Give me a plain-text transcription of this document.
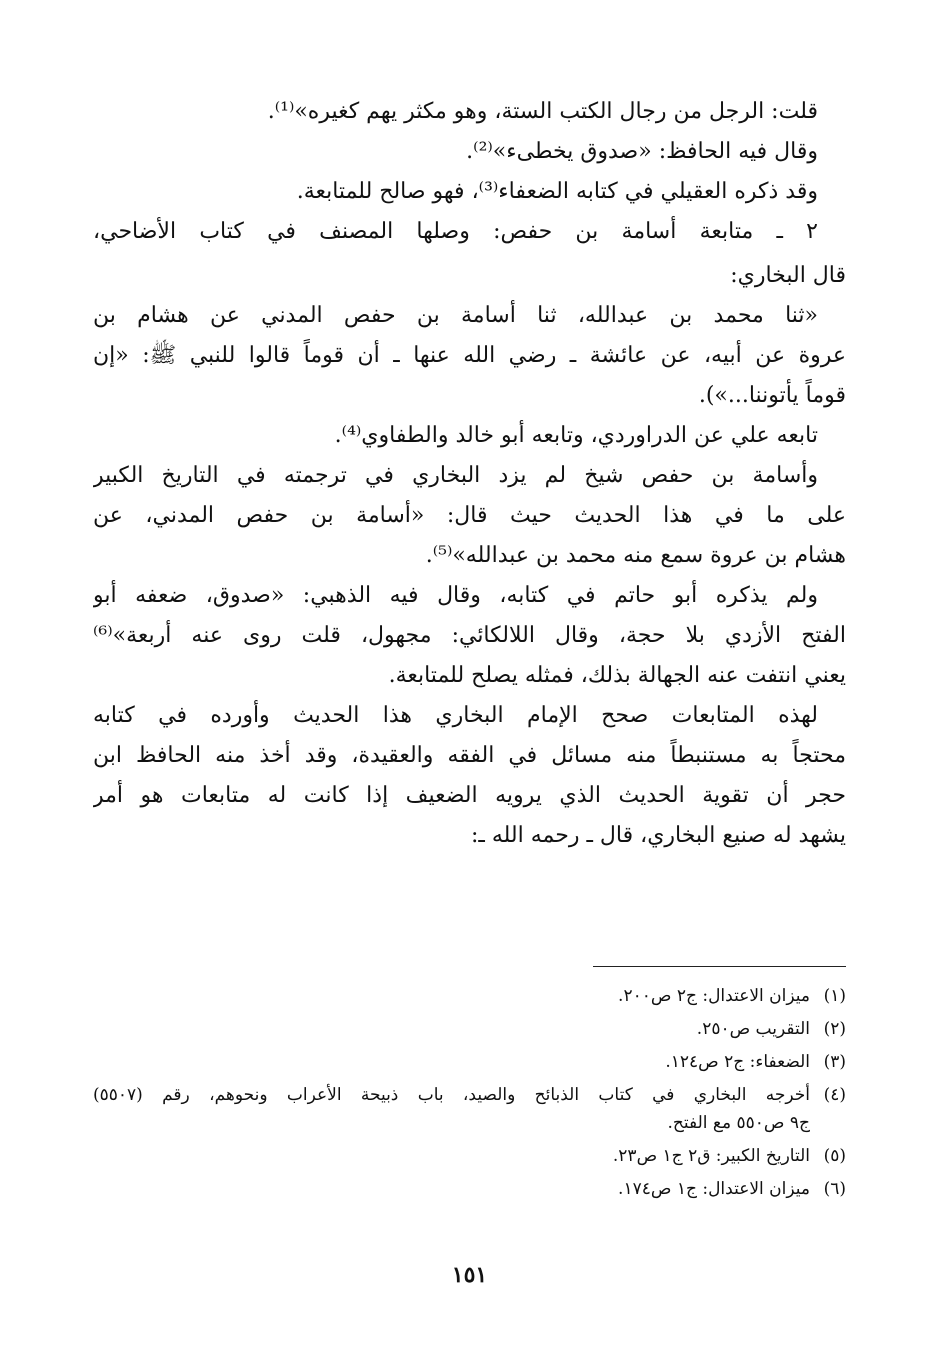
قلت: الرجل من رجال الكتب الستة، وهو مكثر يهم كغيره»⁽¹⁾.
وقال فيه الحافظ: «صدوق يخطىء»⁽²⁾.
وقد ذكره العقيلي في كتابه الضعفاء⁽³⁾، فهو صالح للمتابعة.
٢ ـ متابعة أسامة بن حفص: وصلها المصنف في كتاب الأضاحي،
قال البخاري:
«ثنا محمد بن عبدالله، ثنا أسامة بن حفص المدني عن هشام بن
عروة عن أبيه، عن عائشة ـ رضي الله عنها ـ أن قوماً قالوا للنبي ﷺ: «إن
قوماً يأتوننا...»).
تابعه علي عن الدراوردي، وتابعه أبو خالد والطفاوي⁽⁴⁾.
وأسامة بن حفص شيخ لم يزد البخاري في ترجمته في التاريخ الكبير
على ما في هذا الحديث حيث قال: «أسامة بن حفص المدني، عن
هشام بن عروة سمع منه محمد بن عبدالله»⁽⁵⁾.
ولم يذكره أبو حاتم في كتابه، وقال فيه الذهبي: «صدوق، ضعفه أبو
الفتح الأزدي بلا حجة، وقال اللالكائي: مجهول، قلت روى عنه أربعة»⁽⁶⁾
يعني انتفت عنه الجهالة بذلك، فمثله يصلح للمتابعة.
لهذه المتابعات صحح الإمام البخاري هذا الحديث وأورده في كتابه
محتجاً به مستنبطاً منه مسائل في الفقه والعقيدة، وقد أخذ منه الحافظ ابن
حجر أن تقوية الحديث الذي يرويه الضعيف إذا كانت له متابعات هو أمر
يشهد له صنيع البخاري، قال ـ رحمه الله ـ:
(١)
ميزان الاعتدال: ج٢ ص٢٠٠.
(٢)
التقريب ص٢٥٠.
(٣)
الضعفاء: ج٢ ص١٢٤.
(٤)
أخرجه البخاري في كتاب الذبائح والصيد، باب ذبيحة الأعراب ونحوهم، رقم (٥٥٠٧)
ج٩ ص٥٥٠ مع الفتح.
(٥)
التاريخ الكبير: ق٢ ج١ ص٢٣.
(٦)
ميزان الاعتدال: ج١ ص١٧٤.
١٥١
